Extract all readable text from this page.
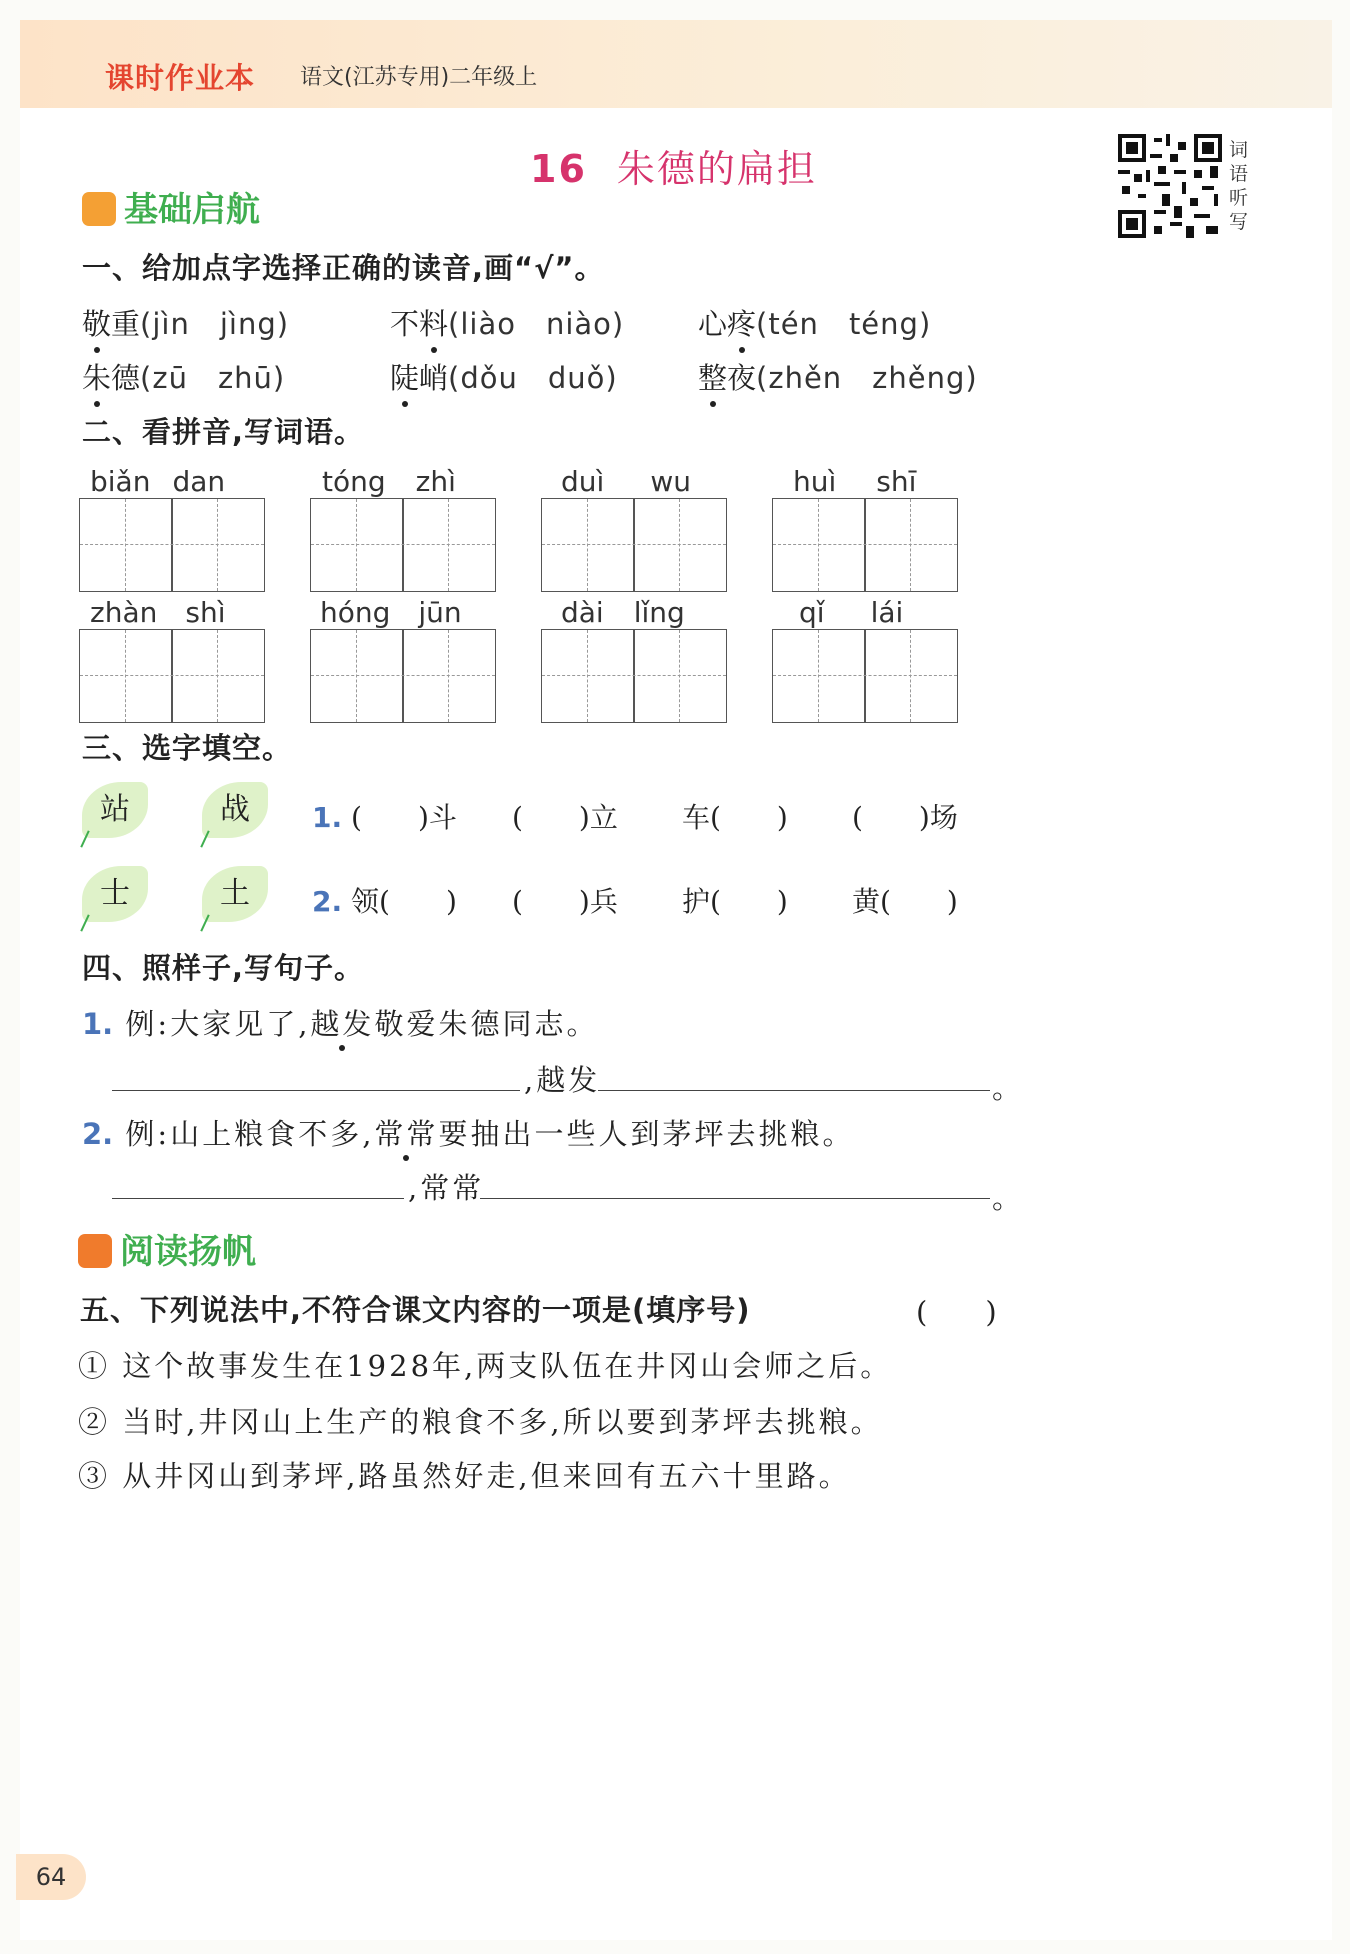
课时作业本 语文(江苏专用)二年级上
16 朱德的扁担	词
语
听
写
基础启航
一、给加点字选择正确的读音,画“√”。
敬重(jìn　jìng)	不料(liào　niào)	心疼(tén　téng)
朱德(zū　zhū)	陡峭(dǒu　duǒ)	整夜(zhěn　zhěng)
二、看拼音,写词语。
biǎn dan	tóng zhì	duì wu	huì shī
zhàn shì	hóng jūn	dài lǐng	qǐ lái
三、选字填空。
站	战	1. (　　)斗 (　　)立 车(　　) (　　)场
士	土	2. 领(　　) (　　)兵 护(　　) 黄(　　)
四、照样子,写句子。
1. 例:大家见了,越发敬爱朱德同志。
,越发	。
2. 例:山上粮食不多,常常要抽出一些人到茅坪去挑粮。
,常常	。
阅读扬帆
五、下列说法中,不符合课文内容的一项是(填序号)	(　　)
① 这个故事发生在1928年,两支队伍在井冈山会师之后。
② 当时,井冈山上生产的粮食不多,所以要到茅坪去挑粮。
③ 从井冈山到茅坪,路虽然好走,但来回有五六十里路。
64
